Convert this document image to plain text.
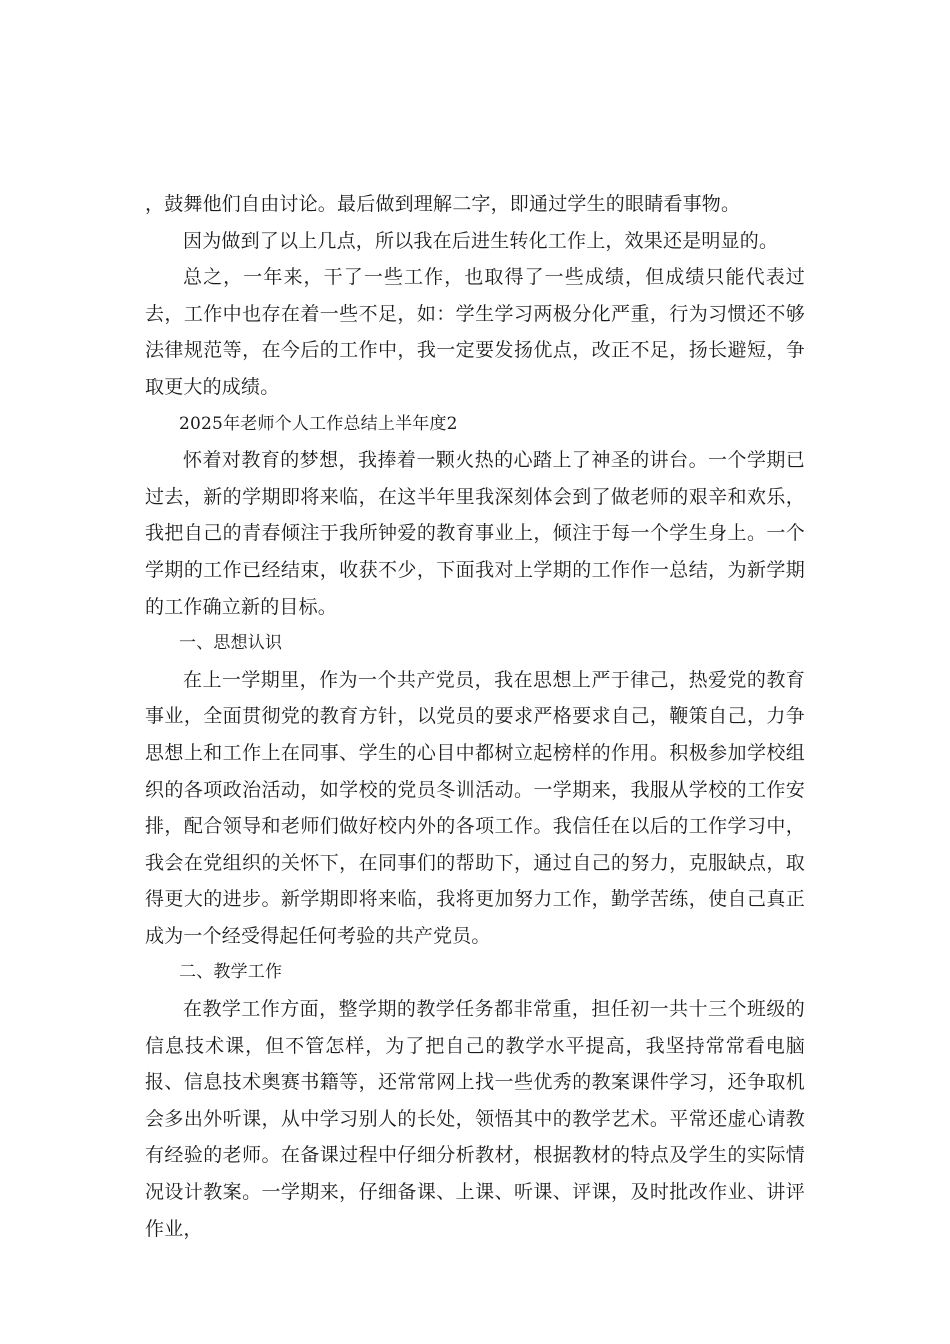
，鼓舞他们自由讨论。最后做到理解二字，即通过学生的眼睛看事物。

因为做到了以上几点，所以我在后进生转化工作上，效果还是明显的。

总之，一年来，干了一些工作，也取得了一些成绩，但成绩只能代表过去，工作中也存在着一些不足，如：学生学习两极分化严重，行为习惯还不够法律规范等，在今后的工作中，我一定要发扬优点，改正不足，扬长避短，争取更大的成绩。

2025年老师个人工作总结上半年度2

怀着对教育的梦想，我捧着一颗火热的心踏上了神圣的讲台。一个学期已过去，新的学期即将来临，在这半年里我深刻体会到了做老师的艰辛和欢乐，我把自己的青春倾注于我所钟爱的教育事业上，倾注于每一个学生身上。一个学期的工作已经结束，收获不少，下面我对上学期的工作作一总结，为新学期的工作确立新的目标。

一、思想认识

在上一学期里，作为一个共产党员，我在思想上严于律己，热爱党的教育事业，全面贯彻党的教育方针，以党员的要求严格要求自己，鞭策自己，力争思想上和工作上在同事、学生的心目中都树立起榜样的作用。积极参加学校组织的各项政治活动，如学校的党员冬训活动。一学期来，我服从学校的工作安排，配合领导和老师们做好校内外的各项工作。我信任在以后的工作学习中，我会在党组织的关怀下，在同事们的帮助下，通过自己的努力，克服缺点，取得更大的进步。新学期即将来临，我将更加努力工作，勤学苦练，使自己真正成为一个经受得起任何考验的共产党员。

二、教学工作

在教学工作方面，整学期的教学任务都非常重，担任初一共十三个班级的信息技术课，但不管怎样，为了把自己的教学水平提高，我坚持常常看电脑报、信息技术奥赛书籍等，还常常网上找一些优秀的教案课件学习，还争取机会多出外听课，从中学习别人的长处，领悟其中的教学艺术。平常还虚心请教有经验的老师。在备课过程中仔细分析教材，根据教材的特点及学生的实际情况设计教案。一学期来，仔细备课、上课、听课、评课，及时批改作业、讲评作业，
